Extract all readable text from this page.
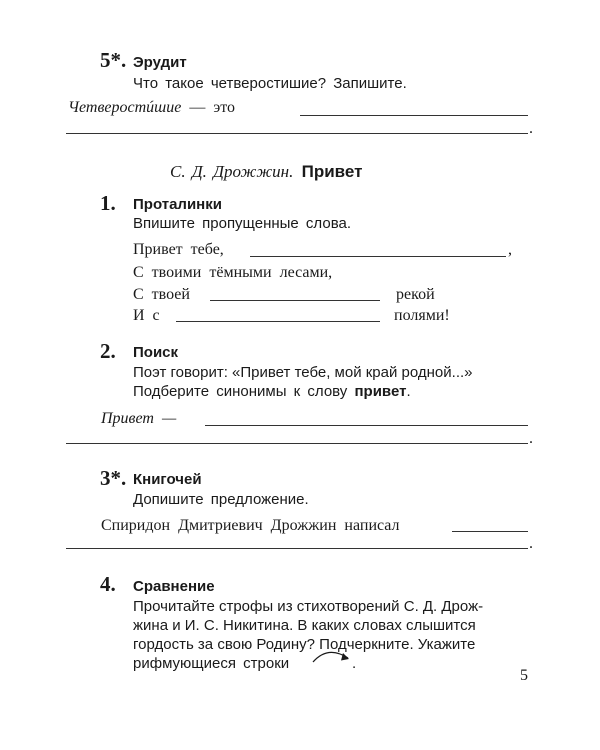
5*. Эрудит
Что такое четверостишие? Запишите.
Четверостúшие — это
.
С. Д. Дрожжин. Привет
1. Проталинки
Впишите пропущенные слова.
Привет тебе,	,
С твоими тёмными лесами,
С твоей	рекой
И с	полями!
2. Поиск
Поэт говорит: «Привет тебе, мой край родной...»
Подберите синонимы к слову привет.
Привет —
.
3*. Книгочей
Допишите предложение.
Спиридон Дмитриевич Дрожжин написал
.
4. Сравнение
Прочитайте строфы из стихотворений С. Д. Дрож-
жина и И. С. Никитина. В каких словах слышится
гордость за свою Родину? Подчеркните. Укажите
рифмующиеся строки	.
5
